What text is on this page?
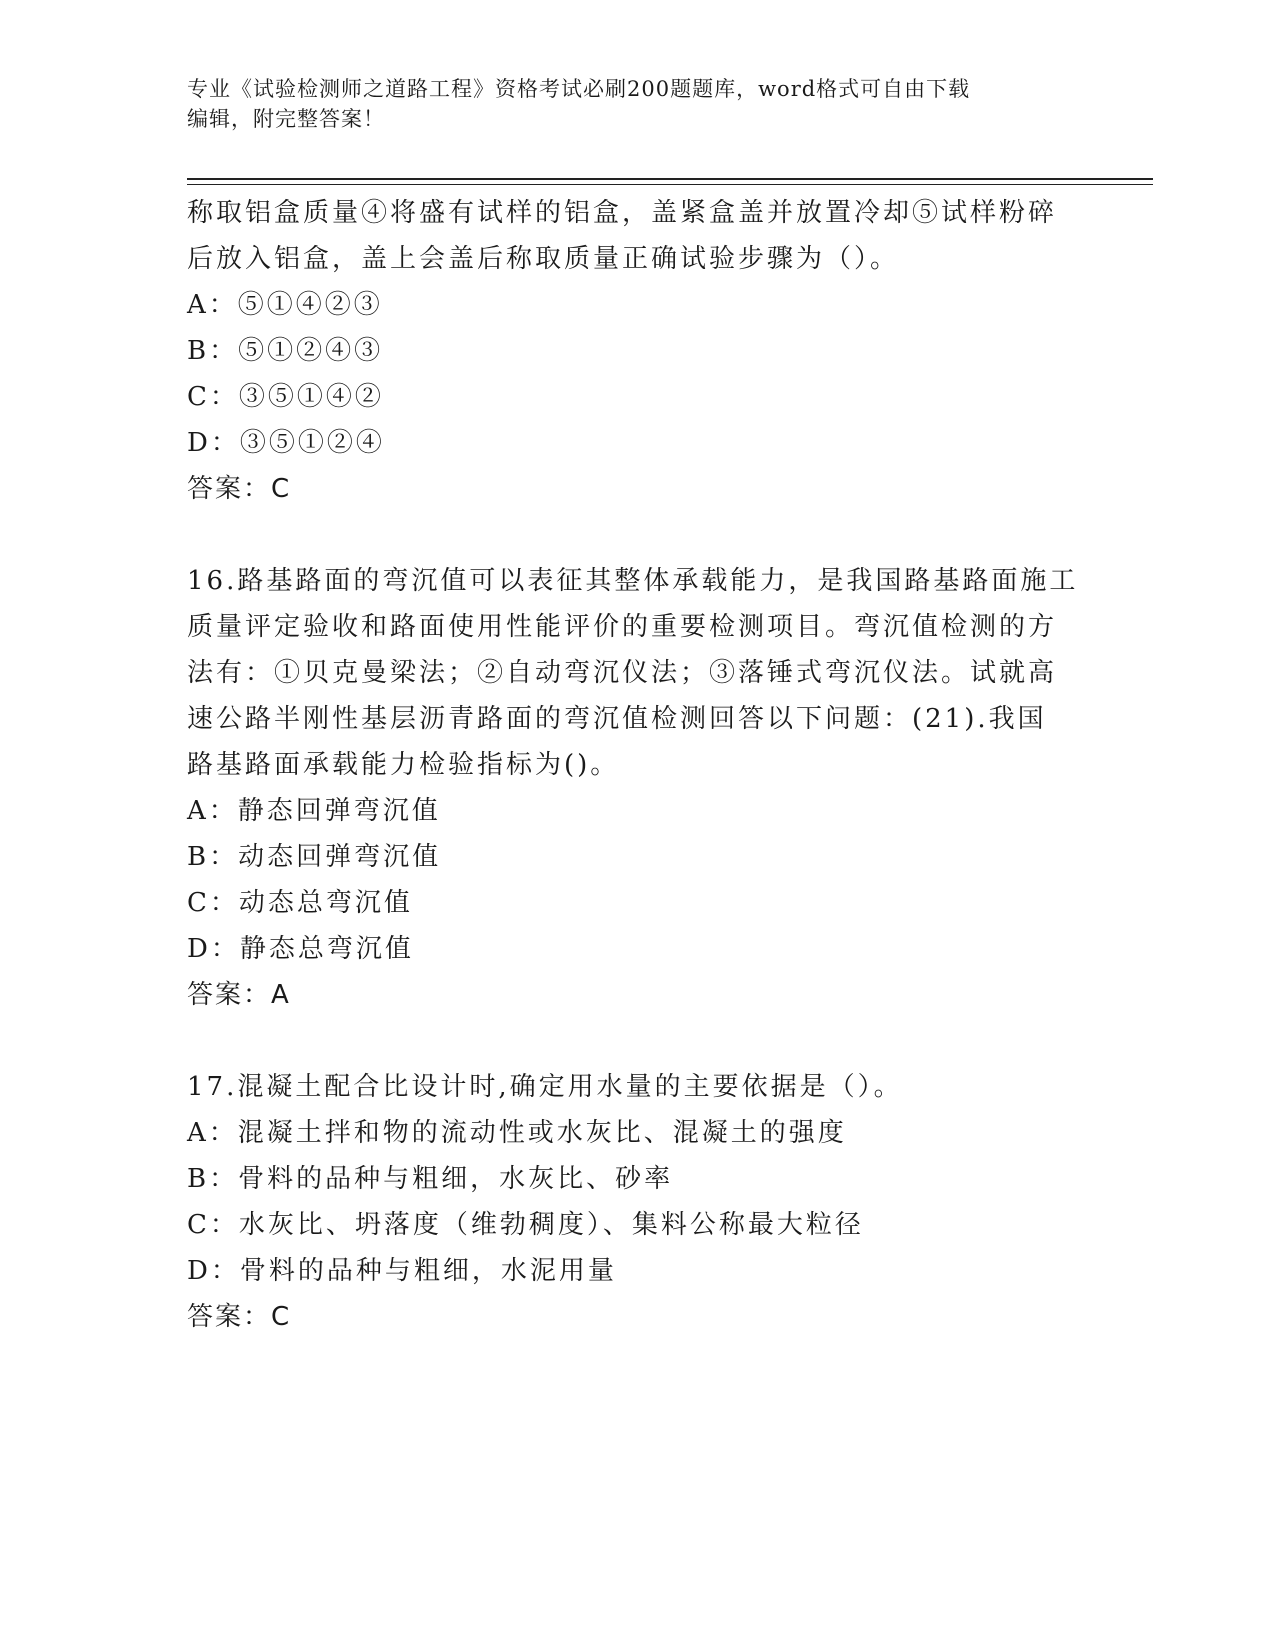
专业《试验检测师之道路工程》资格考试必刷200题题库，word格式可自由下载
编辑，附完整答案！
称取铝盒质量④将盛有试样的铝盒，盖紧盒盖并放置冷却⑤试样粉碎
后放入铝盒，盖上会盖后称取质量正确试验步骤为（）。
A：⑤①④②③
B：⑤①②④③
C：③⑤①④②
D：③⑤①②④
答案：C
16.路基路面的弯沉值可以表征其整体承载能力，是我国路基路面施工
质量评定验收和路面使用性能评价的重要检测项目。弯沉值检测的方
法有：①贝克曼梁法；②自动弯沉仪法；③落锤式弯沉仪法。试就高
速公路半刚性基层沥青路面的弯沉值检测回答以下问题：(21).我国
路基路面承载能力检验指标为()。
A：静态回弹弯沉值
B：动态回弹弯沉值
C：动态总弯沉值
D：静态总弯沉值
答案：A
17.混凝土配合比设计时,确定用水量的主要依据是（）。
A：混凝土拌和物的流动性或水灰比、混凝土的强度
B：骨料的品种与粗细，水灰比、砂率
C：水灰比、坍落度（维勃稠度）、集料公称最大粒径
D：骨料的品种与粗细，水泥用量
答案：C
